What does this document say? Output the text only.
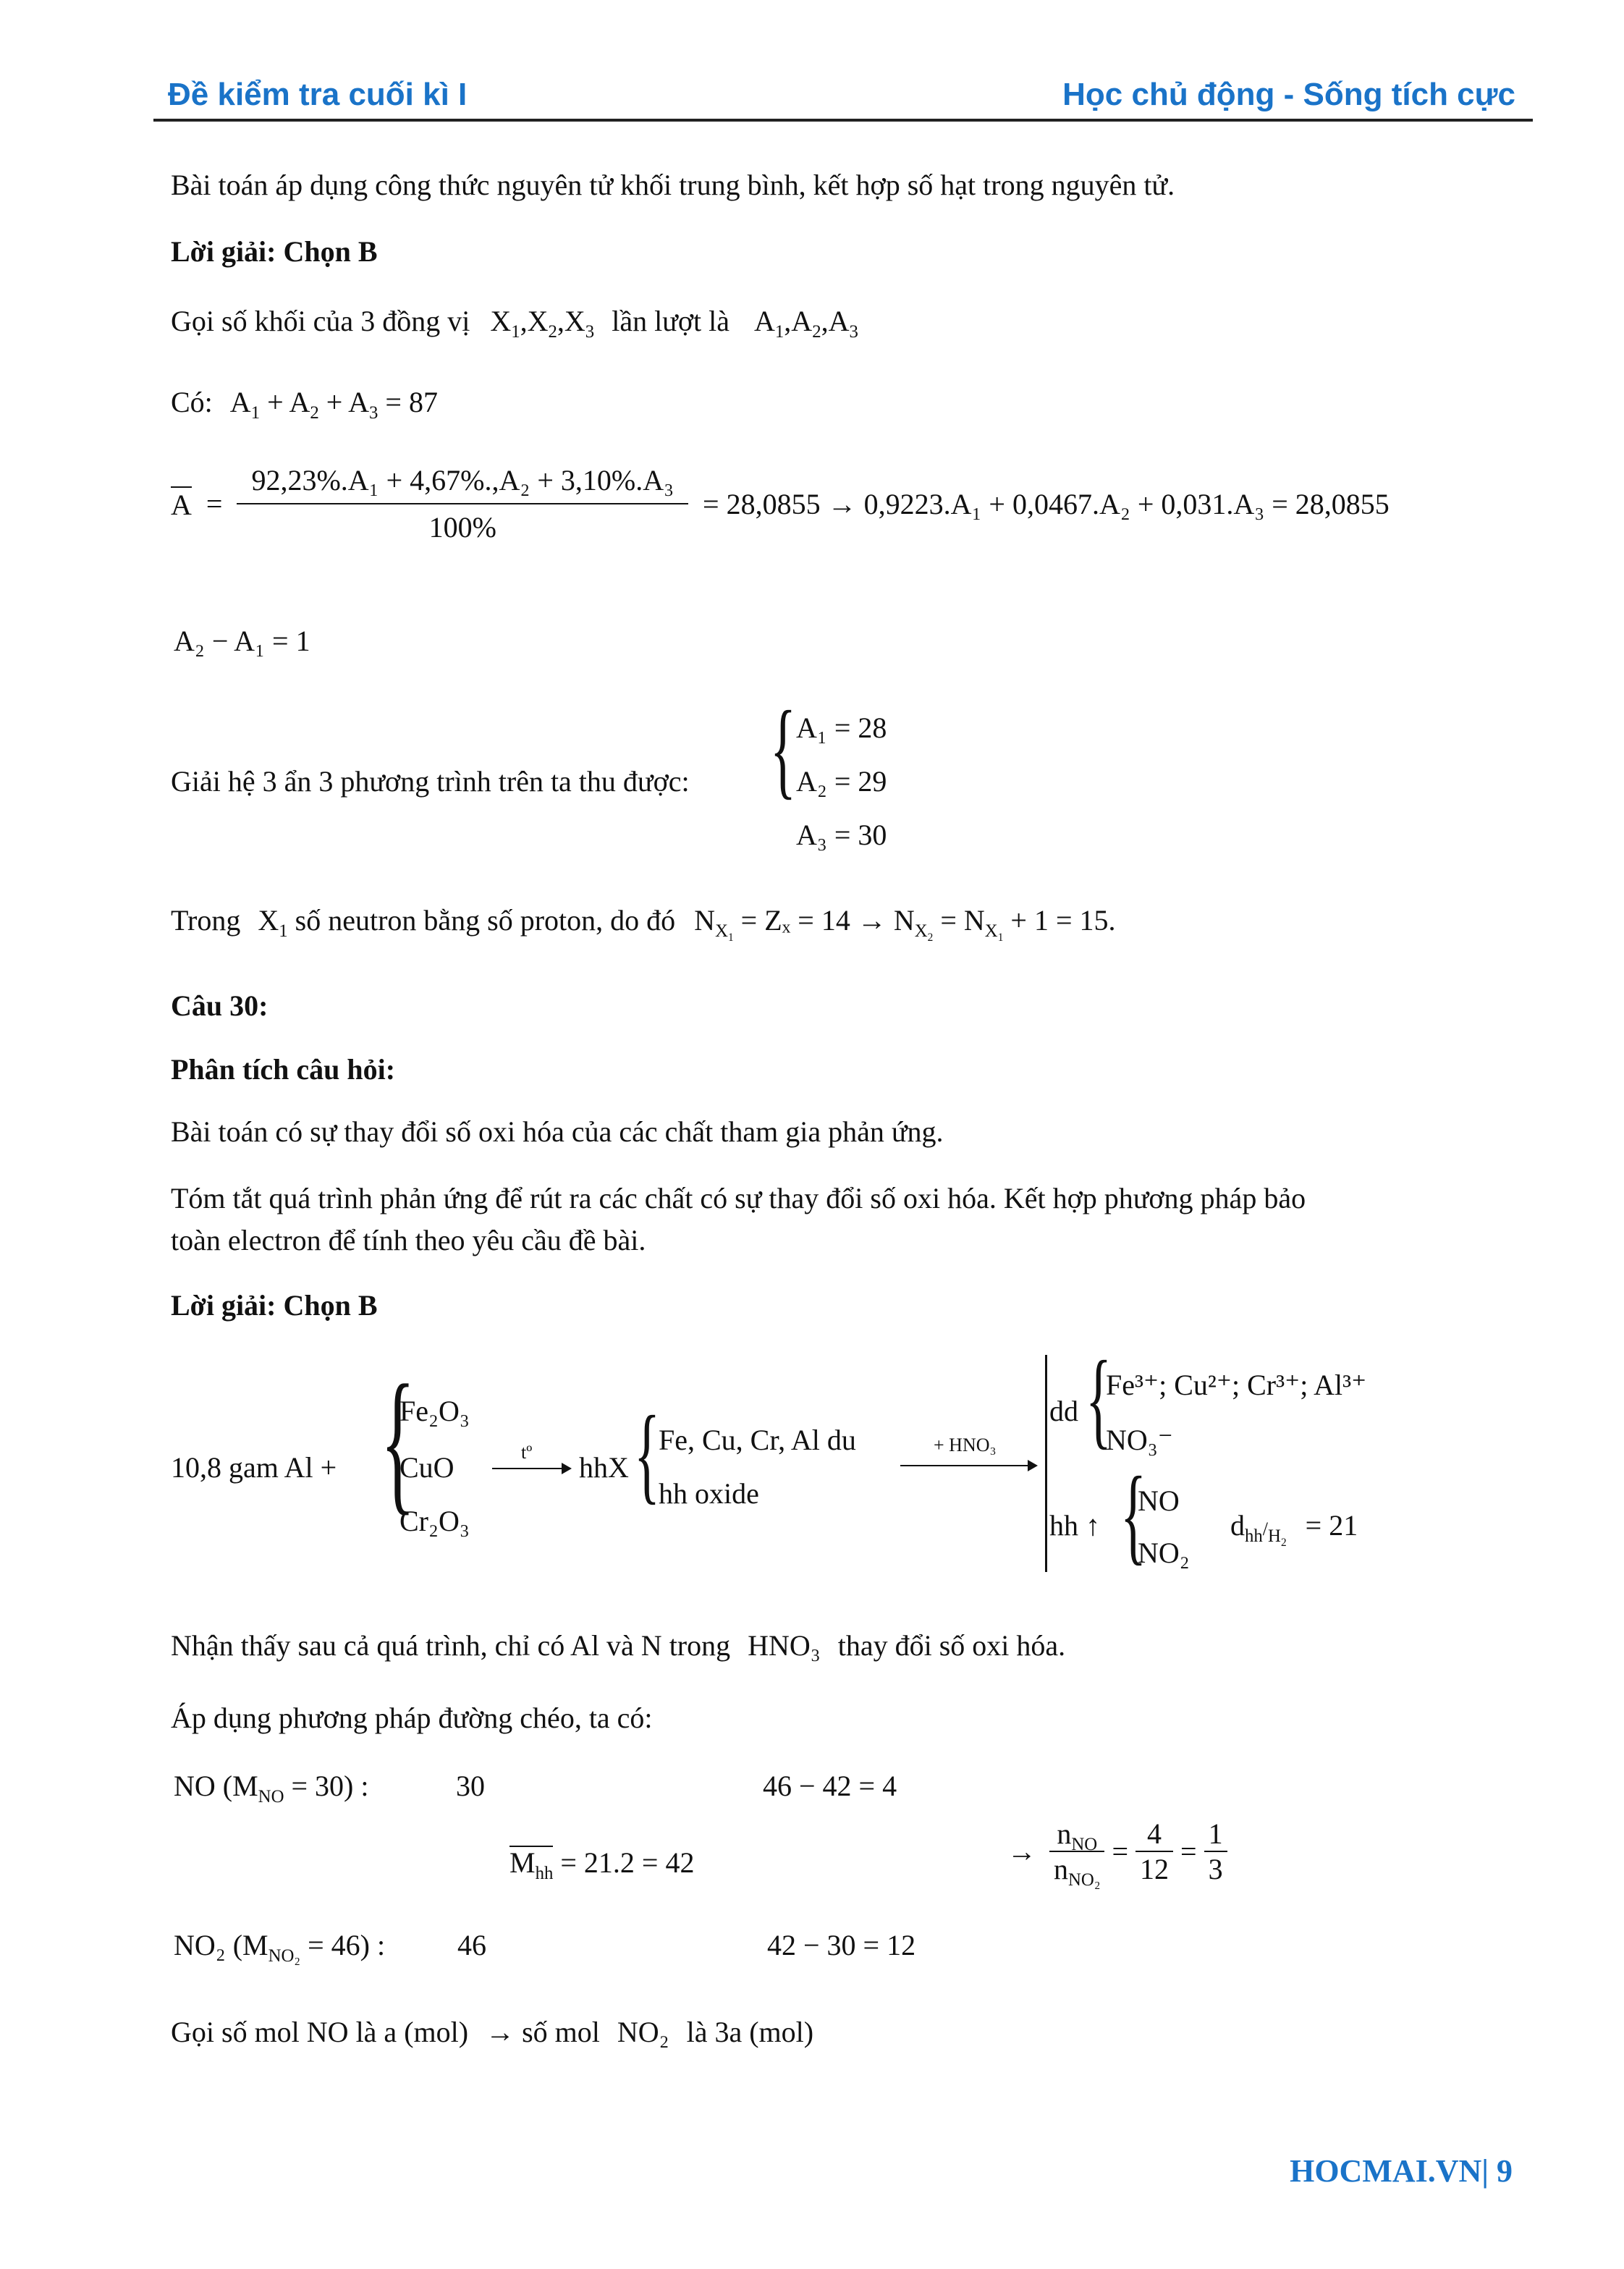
Đề kiểm tra cuối kì I	Học chủ động - Sống tích cực
Bài toán áp dụng công thức nguyên tử khối trung bình, kết hợp số hạt trong nguyên tử.
Lời giải: Chọn B
Gọi số khối của 3 đồng vị $X_1,X_2,X_3$ lần lượt là $A_1,A_2,A_3$
Có: $A_1 + A_2 + A_3 = 87$
$A = \frac{\text{92,23\%.A₁ + 4,67\%.,A₂ + 3,10\%.A₃}}{100\%} = 28,0855 \to 0,9223.A_1 + 0,0467.A_2 + 0,031.A_3 = 28,0855$
A₂ − A₁ = 1
Giải hệ 3 ẩn 3 phương trình trên ta thu được: { A₁ = 28
A₂ = 29
A₃ = 30
Trong $X_1$ số neutron bằng số proton, do đó $N_{X_1} = Z_x = 14 \to N_{X_2} = N_{X_1} + 1 = 15$.
Câu 30:
Phân tích câu hỏi:
Bài toán có sự thay đổi số oxi hóa của các chất tham gia phản ứng.
Tóm tắt quá trình phản ứng để rút ra các chất có sự thay đổi số oxi hóa. Kết hợp phương pháp bảo
toàn electron để tính theo yêu cầu đề bài.
Lời giải: Chọn B
10,8 gam Al + {
Fe₂O₃
CuO
Cr₂O₃
tº hhX {
Fe, Cu, Cr, Al du
hh oxide
+ HNO₃
dd {
Fe³⁺; Cu²⁺; Cr³⁺; Al³⁺
NO₃⁻
hh ↑ {
NO
NO₂
$d_{hh}/_{H_2} = 21$
Nhận thấy sau cả quá trình, chỉ có Al và N trong HNO₃ thay đổi số oxi hóa.
Áp dụng phương pháp đường chéo, ta có:
NO $(M_{NO} = 30)$ :	30	46 − 42 = 4
$M_{hh} = 21.2 = 42$	→ $\frac{n_{NO}}{n_{NO_2}} = \frac{4}{12} = \frac{1}{3}$
NO₂ $(M_{NO_2} = 46)$ : 46	42 − 30 = 12
Gọi số mol NO là a (mol) → số mol NO₂ là 3a (mol)
HOCMAI.VN| 9
